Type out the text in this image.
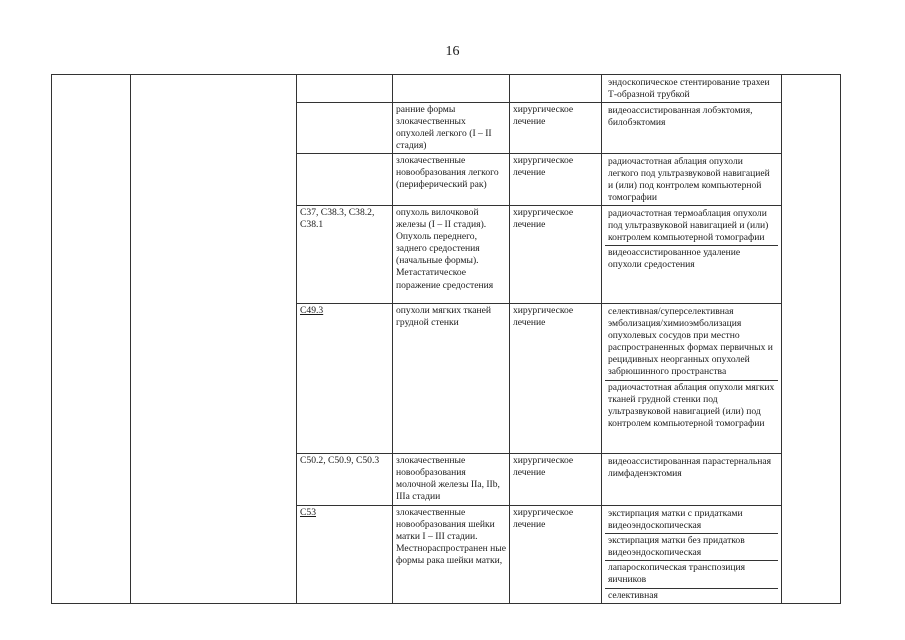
16

					эндоскопическое стентирование трахеи Т-образной трубкой	

			ранние формы злокачественных опухолей легкого (I – II стадия)	хирургическое лечение	видеоассистированная лобэктомия, билобэктомия	

			злокачественные новообразования легкого (периферический рак)	хирургическое лечение	радиочастотная аблация опухоли легкого под ультразвуковой навигацией и (или) под контролем компьютерной томографии	

		C37, C38.3, C38.2, C38.1	опухоль вилочковой железы (I – II стадия). Опухоль переднего, заднего средостения (начальные формы). Метастатическое поражение средостения	хирургическое лечение	радиочастотная термоаблация опухоли под ультразвуковой навигацией и (или) контролем компьютерной томографии
видеоассистированное удаление опухоли средостения	

		C49.3	опухоли мягких тканей грудной стенки	хирургическое лечение	селективная/суперселективная эмболизация/химиоэмболизация опухолевых сосудов при местно распространенных формах первичных и рецидивных неорганных опухолей забрюшинного пространства
радиочастотная аблация опухоли мягких тканей грудной стенки под ультразвуковой навигацией (или) под контролем компьютерной томографии	

		C50.2, C50.9, C50.3	злокачественные новообразования молочной железы IIa, IIb, IIIa стадии	хирургическое лечение	видеоассистированная парастернальная лимфаденэктомия	

		C53	злокачественные новообразования шейки матки I – III стадии. Местнораспространен ные формы рака шейки матки,	хирургическое лечение	экстирпация матки с придатками видеоэндоскопическая
экстирпация матки без придатков видеоэндоскопическая
лапароскопическая транспозиция яичников
селективная	
